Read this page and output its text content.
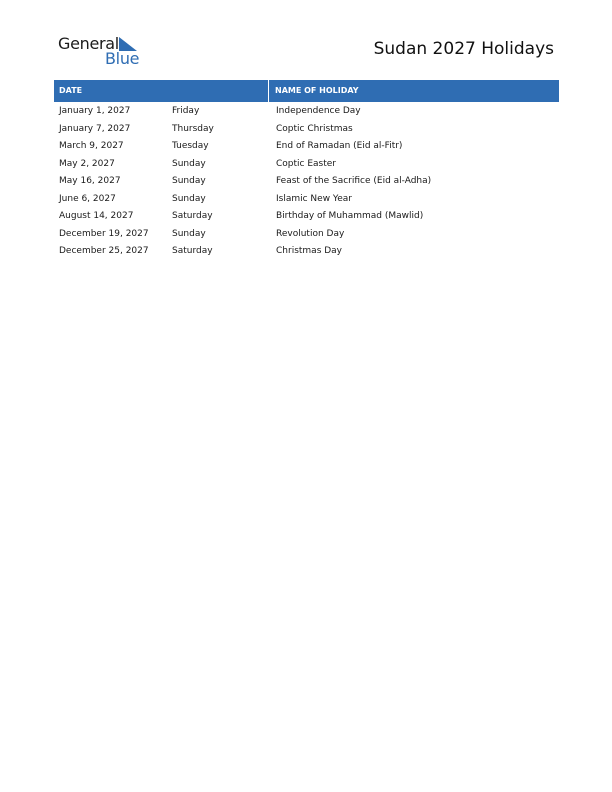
General
Blue	Sudan 2027 Holidays
DATE	NAME OF HOLIDAY
January 1, 2027	Friday	Independence Day
January 7, 2027	Thursday	Coptic Christmas
March 9, 2027	Tuesday	End of Ramadan (Eid al-Fitr)
May 2, 2027	Sunday	Coptic Easter
May 16, 2027	Sunday	Feast of the Sacrifice (Eid al-Adha)
June 6, 2027	Sunday	Islamic New Year
August 14, 2027	Saturday	Birthday of Muhammad (Mawlid)
December 19, 2027	Sunday	Revolution Day
December 25, 2027	Saturday	Christmas Day
